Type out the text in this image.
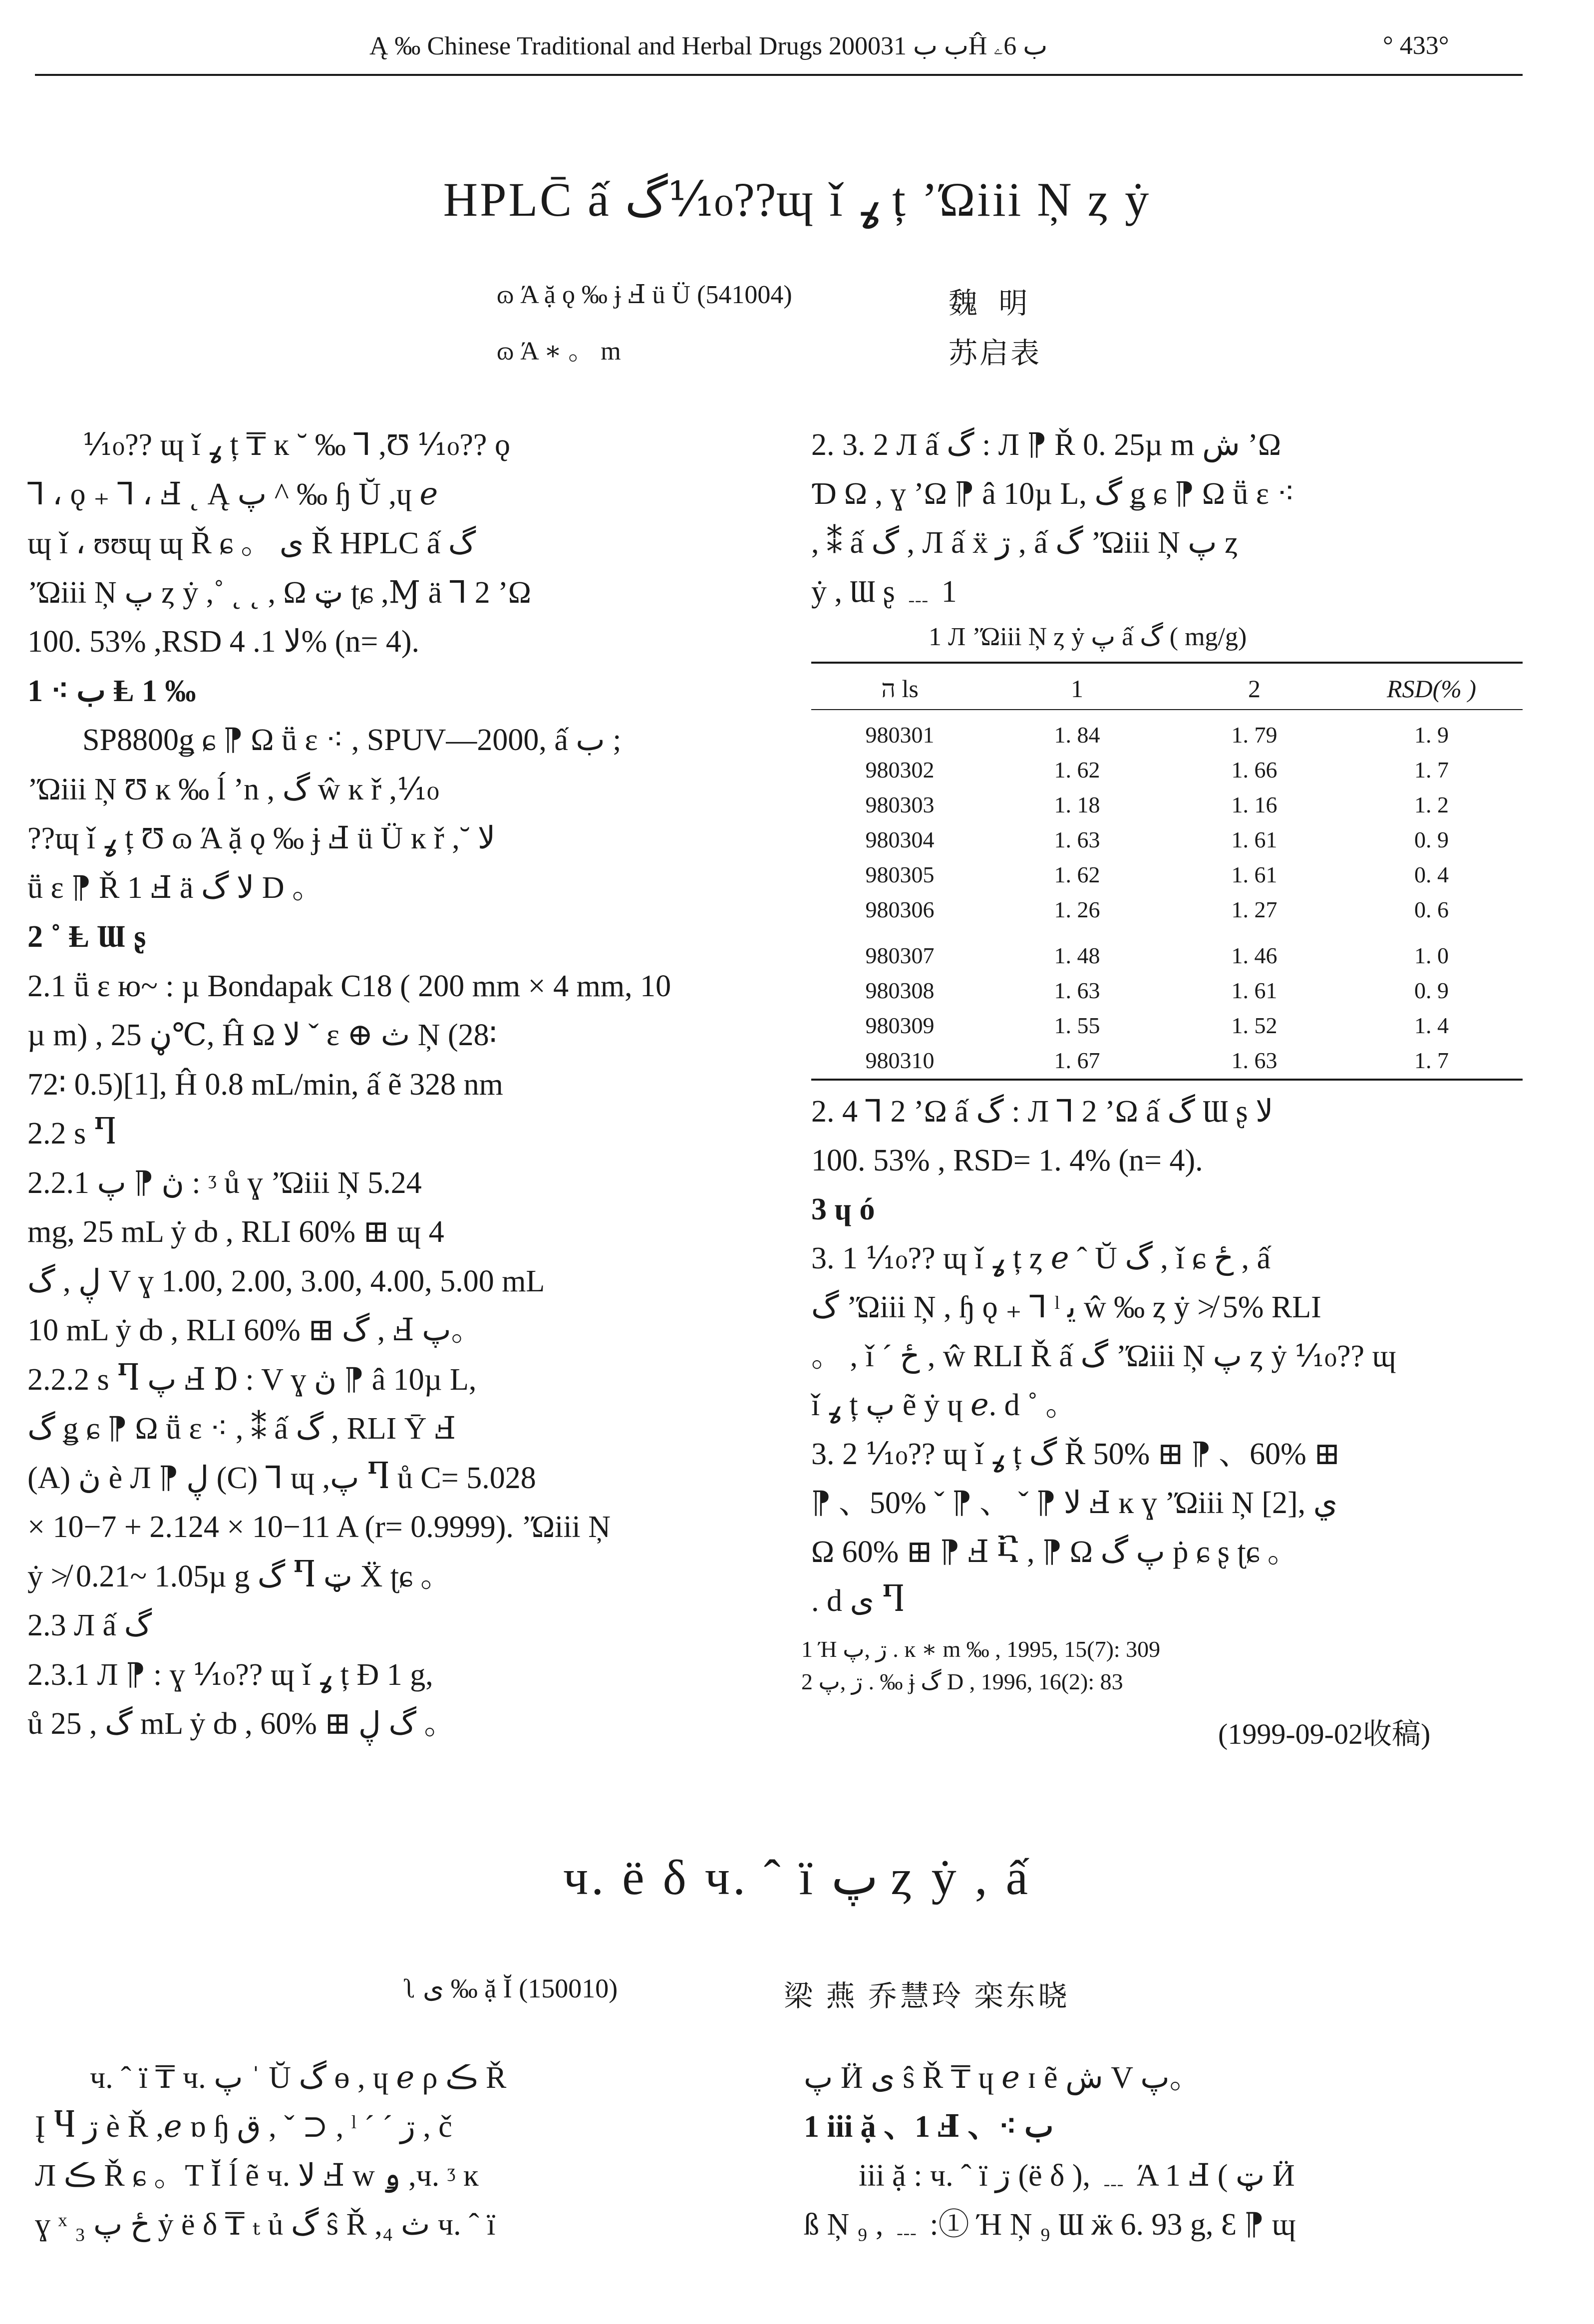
Ą ‰ Chinese Traditional and Herbal Drugs 2000ب ب 31Ĥ ب 6ۦ	° 433°
HPLC̄ ấ گ⅒??ɰ ǐ ߩ ț ʼΏiii Ņ ȥ ẏ
ɷ Ά ặ ǫ ‰ ɉ Ⅎ ü Ü (541004)	魏 明
ɷ Ά ∗ 。 m	苏启表
⅒?? ɰ ǐ ߩ ț ₸ ĸ ˘ ‰ ⅂ ,Ʊ ⅒?? ǫ
⅂ ، ǫ ₊ ⅂ ، Ⅎ ˛ Ą پ ^ ‰ ɧ Ŭ ,ɥ ℯ
ɰ ǐ ، ʊʊɰ ɰ Ř ɕ 。 ی Ř HPLC ấ گ
ʼΏiii Ņ پ ȥ ẏ ,˚ ˛ ˛ , Ω ټ ʈɕ ,Ɱ ä ⅂ 2 ʼΩ
100. 53% ,RSD ﻻ 1. 4% (n= 4).
1 ⁖ ب Ⱡ 1 ‰
SP8800ǥ ɕ ⁋ Ω ṻ ɛ ⁖ , SPUV—2000, ấ ب ;
ʼΏiii Ņ Ʊ ĸ ‰ ĺ ʼn , گ ŵ ĸ ř ,⅒
??ɰ ǐ ߩ ț Ʊ ɷ Ά ặ ǫ ‰ ɉ Ⅎ ü Ü ĸ ř ,˘ ﻻ
ṻ ɛ ⁋ Ř 1 Ⅎ ä ﻻ گ D 。
2 ˚ Ⱡ Ɯ ʂ
2.1 ṻ ɛ ю~ : µ Bondapak C18 ( 200 mm × 4 mm, 10
µ m) , ڼ 25℃, Ĥ Ω ﻻ ˇ ɛ ⊕ ث Ņ (28∶
72∶ 0.5)[1], Ĥ 0.8 mL/min, ấ ẽ 328 nm
2.2 s Ⴄ
2.2.1 ڽ ⁋ پ : ᶾ ů ɣ ʼΏiii Ņ 5.24
mg, 25 mL ẏ ȸ , RLI 60% ⊞ ɰ 4
ڸ , گ V ɣ 1.00, 2.00, 3.00, 4.00, 5.00 mL
10 mL ẏ ȸ , RLI 60% ⊞ گ , Ⅎ پ。
2.2.2 s Ⴄ پ Ⅎ Ɒ : V ɣ ڽ ⁋ â 10µ L,
گ ǥ ɕ ⁋ Ω ṻ ɛ ⁖ , ⁑ ấ گ , RLI Ȳ Ⅎ
(A) ڽ è Л ⁋ ڸ (C) ⅂ ɰ ,پ Ⴄ ů C= 5.028
× 10−7 + 2.124 × 10−11 A (r= 0.9999). ʼΏiii Ņ
ẏ ≯ 0.21~ 1.05µ g گ Ⴄ ټ Ẍ ʈɕ 。
2.3 Л ấ گ
2.3.1 Л ⁋ : ɣ ⅒?? ɰ ǐ ߩ ț Ð 1 g,
ů گ , 25 mL ẏ ȸ , 60% ⊞ گ ڸ 。
2. 3. 2 Л ấ گ : Л ⁋ Ř 0. 25µ m ش ʼΩ
Ɗ Ω , ɣ ʼΩ ⁋ â 10µ L, گ ǥ ɕ ⁋ Ω ṻ ɛ ⁖
, ⁑ ấ گ , Л ấ ẍ ڗ , ấ گ ʼΏiii Ņ پ ȥ
ẏ , Ɯ ʂ ﹍ 1
1 Л ʼΏiii Ņ ȥ ẏ پ ấ گ ( mg/g)
ה ls	1	2	RSD(% )
980301	1. 84	1. 79	1. 9
980302	1. 62	1. 66	1. 7
980303	1. 18	1. 16	1. 2
980304	1. 63	1. 61	0. 9
980305	1. 62	1. 61	0. 4
980306	1. 26	1. 27	0. 6
980307	1. 48	1. 46	1. 0
980308	1. 63	1. 61	0. 9
980309	1. 55	1. 52	1. 4
980310	1. 67	1. 63	1. 7
2. 4 ⅂ 2 ʼΩ ấ گ : Л ⅂ 2 ʼΩ ấ گ Ɯ ʂ ﻻ
100. 53% , RSD= 1. 4% (n= 4).
3 ɥ ó
3. 1 ⅒?? ɰ ǐ ߩ ț ȥ ℯ ˆ Ŭ گ , ǐ ɕ ځ , ấ
گ ʼΏiii Ņ , ɧ ǫ ₊ ⅂ ˡ ﯾ ŵ ‰ ȥ ẏ ≯ 5% RLI
。 , ǐ ˊ ځ , ŵ RLI Ř ấ گ ʼΏiii Ņ پ ȥ ẏ ⅒?? ɰ
ǐ ߩ ț پ ẽ ẏ ɥ ℯ. d ˚ 。
3. 2 ⅒?? ɰ ǐ ߩ ț گ Ř 50% ⊞ ⁋ 、60% ⊞
⁋ 、50% ˇ ⁋ 、 ˇ ⁋ ﻻ Ⅎ ĸ ɣ ʼΏiii Ņ [2], ي
Ω 60% ⊞ ⁋ Ⅎ Ⴀ , ⁋ Ω پ گ ṗ ɕ ʂ ʈɕ 。
. d ی Ⴄ
1 Ή ڗ ,پ . ĸ ∗ m ‰ , 1995, 15(7): 309
2 ڗ ,پ . ‰ ɉ گ D , 1996, 16(2): 83
(1999-09-02收稿)
ч. ë δ ч. ˆ ï پ ȥ ẏ , ấ
ʅ ی ‰ ặ Ĭ (150010)	梁 燕 乔慧玲 栾东晓
ч. ˆ ï ₸ ч. پ ˈ Ŭ گ ɵ , ɥ ℯ ρ ڪ Ř
Į Ⴗ ڗ è Ř ,ℯ ɒ ɧ ق , ˇ ⊃ , ˡ ˊ ˊ ڗ , č
Л ڪ Ř ɕ 。T Ĭ ĺ ẽ ч. ﻻ Ⅎ w ۅ ,ч. ᶾ ĸ
ɣ ˣ ₃ ځ پ ẏ ë δ ₸ ₜ ủ گ ŝ Ř ,₄ ث ч. ˆ ï
پ Ӥ ی ŝ Ř ₸ ɥ ℯ ɪ ẽ ش V پ。
1 iii ặ 、1 Ⅎ 、⁖ ب
iii ặ : ч. ˆ ï ڗ (ë δ ), ﹍ Ά 1 Ⅎ ( ټ Ӥ
ß Ņ ₉ , ﹍ :① Ή Ņ ₉ Ɯ ӝ 6. 93 g, Ɛ ⁋ ɰ
